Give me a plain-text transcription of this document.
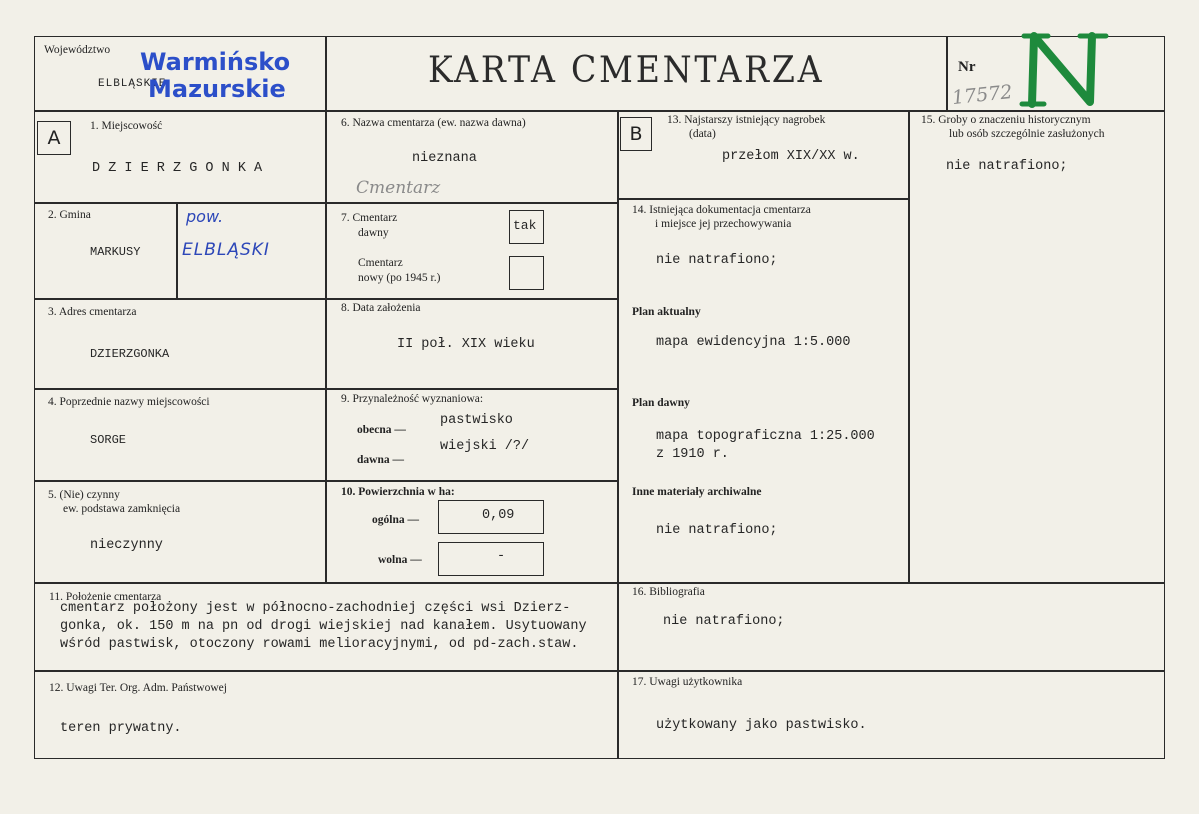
Województwo
ELBLĄSKIE
Warmińsko
Mazurskie	KARTA CMENTARZA	Nr
17572
A
1. Miejscowość
D Z I E R Z G O N K A
2. Gmina
MARKUSY
pow.
ELBLĄSKI
3. Adres cmentarza
DZIERZGONKA
4. Poprzednie nazwy miejscowości
SORGE
5. (Nie) czynny
ew. podstawa zamknięcia
nieczynny
6. Nazwa cmentarza (ew. nazwa dawna)
nieznana
Cmentarz
7. Cmentarz
dawny
Cmentarz
nowy (po 1945 r.)
tak
8. Data założenia
II poł. XIX wieku
9. Przynależność wyznaniowa:
obecna —
pastwisko
dawna —
wiejski /?/
10. Powierzchnia w ha:
ogólna —	0,09
wolna —	-
B
13. Najstarszy istniejący nagrobek
(data)
przełom XIX/XX w.
14. Istniejąca dokumentacja cmentarza
i miejsce jej przechowywania
nie natrafiono;
Plan aktualny
mapa ewidencyjna 1:5.000
Plan dawny
mapa topograficzna 1:25.000
z 1910 r.
Inne materiały archiwalne
nie natrafiono;
15. Groby o znaczeniu historycznym
lub osób szczególnie zasłużonych
nie natrafiono;
11. Położenie cmentarza
cmentarz położony jest w północno-zachodniej części wsi Dzierz-
gonka, ok. 150 m na pn od drogi wiejskiej nad kanałem. Usytuowany
wśród pastwisk, otoczony rowami melioracyjnymi, od pd-zach.staw.
16. Bibliografia
nie natrafiono;
12. Uwagi Ter. Org. Adm. Państwowej
teren prywatny.
17. Uwagi użytkownika
użytkowany jako pastwisko.
